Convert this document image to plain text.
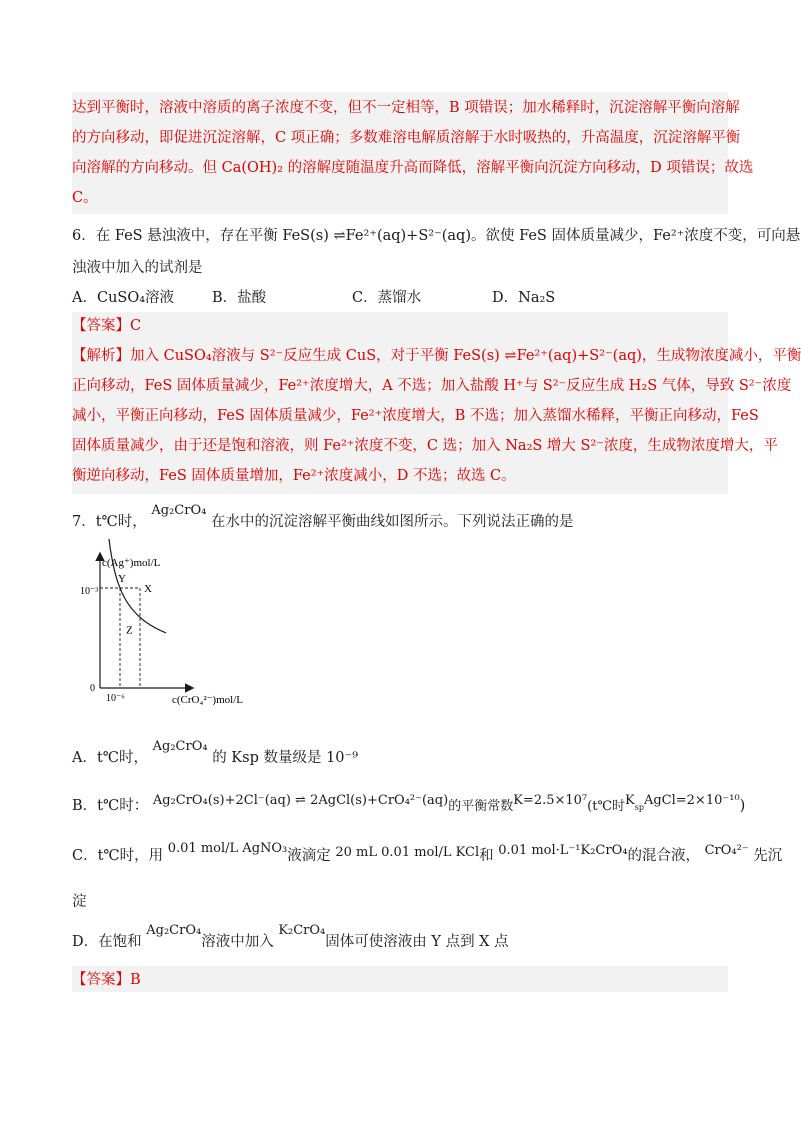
达到平衡时，溶液中溶质的离子浓度不变，但不一定相等，B 项错误；加水稀释时，沉淀溶解平衡向溶解
的方向移动，即促进沉淀溶解，C 项正确；多数难溶电解质溶解于水时吸热的，升高温度，沉淀溶解平衡
向溶解的方向移动。但 Ca(OH)₂ 的溶解度随温度升高而降低，溶解平衡向沉淀方向移动，D 项错误；故选
C。
6．在 FeS 悬浊液中，存在平衡 FeS(s) ⇌Fe²⁺(aq)+S²⁻(aq)。欲使 FeS 固体质量减少，Fe²⁺浓度不变，可向悬
浊液中加入的试剂是
A．CuSO₄溶液	B．盐酸	C．蒸馏水	D．Na₂S
【答案】C
【解析】加入 CuSO₄溶液与 S²⁻反应生成 CuS，对于平衡 FeS(s) ⇌Fe²⁺(aq)+S²⁻(aq)，生成物浓度减小，平衡
正向移动，FeS 固体质量减少，Fe²⁺浓度增大，A 不选；加入盐酸 H⁺与 S²⁻反应生成 H₂S 气体，导致 S²⁻浓度
减小，平衡正向移动，FeS 固体质量减少，Fe²⁺浓度增大，B 不选；加入蒸馏水稀释，平衡正向移动，FeS
固体质量减少，由于还是饱和溶液，则 Fe²⁺浓度不变，C 选；加入 Na₂S 增大 S²⁻浓度，生成物浓度增大，平
衡逆向移动，FeS 固体质量增加，Fe²⁺浓度减小，D 不选；故选 C。
7．t℃时， Ag₂CrO₄ 在水中的沉淀溶解平衡曲线如图所示。下列说法正确的是
c(Ag⁺)mol/L
c(CrO₄²⁻)mol/L
10⁻³
10⁻⁶
0
Y
X
Z
A．t℃时， Ag₂CrO₄ 的 Ksp 数量级是 10⁻⁹
B．t℃时： Ag₂CrO₄(s)+2Cl⁻(aq) ⇌ 2AgCl(s)+CrO₄²⁻(aq)的平衡常数K=2.5×10⁷(t℃时$K_{sp}AgCl=2\times 10^{-10}$)
C．t℃时，用 0.01 mol/L AgNO₃液滴定 20 mL 0.01 mol/L KCl和 0.01 mol·L⁻¹K₂CrO₄的混合液， CrO₄²⁻ 先沉
淀
D．在饱和 Ag₂CrO₄溶液中加入 K₂CrO₄固体可使溶液由 Y 点到 X 点
【答案】B
